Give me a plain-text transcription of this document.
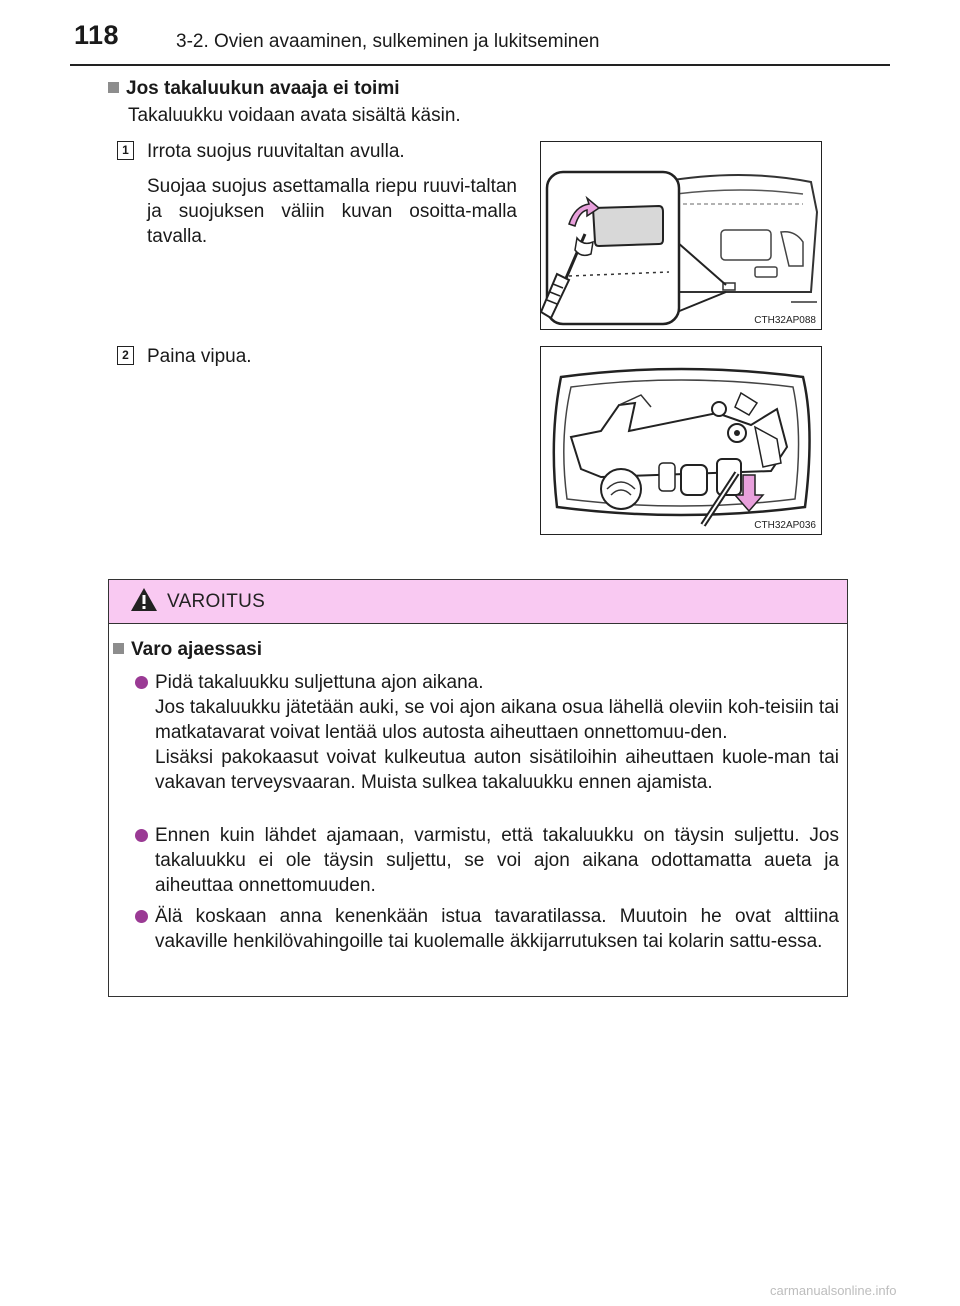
118	3-2. Ovien avaaminen, sulkeminen ja lukitseminen
Jos takaluukun avaaja ei toimi
Takaluukku voidaan avata sisältä käsin.
1 Irrota suojus ruuvitaltan avulla.
Suojaa suojus asettamalla riepu ruuvi-taltan ja suojuksen väliin kuvan osoitta-malla tavalla.
CTH32AP088
2 Paina vipua.
CTH32AP036
VAROITUS
Varo ajaessasi
Pidä takaluukku suljettuna ajon aikana.
Jos takaluukku jätetään auki, se voi ajon aikana osua lähellä oleviin koh-teisiin tai matkatavarat voivat lentää ulos autosta aiheuttaen onnettomuu-den.
Lisäksi pakokaasut voivat kulkeutua auton sisätiloihin aiheuttaen kuole-man tai vakavan terveysvaaran. Muista sulkea takaluukku ennen ajamista.
Ennen kuin lähdet ajamaan, varmistu, että takaluukku on täysin suljettu. Jos takaluukku ei ole täysin suljettu, se voi ajon aikana odottamatta aueta ja aiheuttaa onnettomuuden.
Älä koskaan anna kenenkään istua tavaratilassa. Muutoin he ovat alttiina vakaville henkilövahingoille tai kuolemalle äkkijarrutuksen tai kolarin sattu-essa.
carmanualsonline.info
